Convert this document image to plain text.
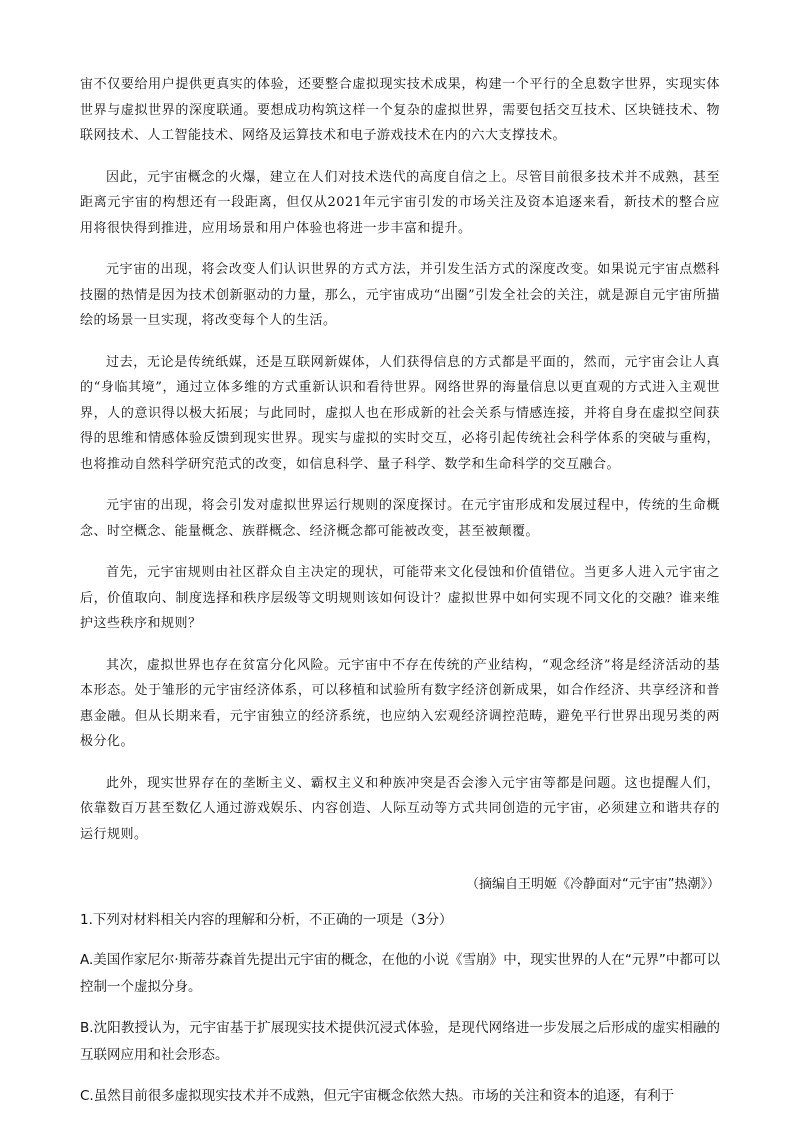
宙不仅要给用户提供更真实的体验，还要整合虚拟现实技术成果，构建一个平行的全息数字世界，实现实体世界与虚拟世界的深度联通。要想成功构筑这样一个复杂的虚拟世界，需要包括交互技术、区块链技术、物联网技术、人工智能技术、网络及运算技术和电子游戏技术在内的六大支撑技术。

因此，元宇宙概念的火爆，建立在人们对技术迭代的高度自信之上。尽管目前很多技术并不成熟，甚至距离元宇宙的构想还有一段距离，但仅从2021年元宇宙引发的市场关注及资本追逐来看，新技术的整合应用将很快得到推进，应用场景和用户体验也将进一步丰富和提升。

元宇宙的出现，将会改变人们认识世界的方式方法，并引发生活方式的深度改变。如果说元宇宙点燃科技圈的热情是因为技术创新驱动的力量，那么，元宇宙成功“出圈”引发全社会的关注，就是源自元宇宙所描绘的场景一旦实现，将改变每个人的生活。

过去，无论是传统纸媒，还是互联网新媒体，人们获得信息的方式都是平面的，然而，元宇宙会让人真的“身临其境”，通过立体多维的方式重新认识和看待世界。网络世界的海量信息以更直观的方式进入主观世界，人的意识得以极大拓展；与此同时，虚拟人也在形成新的社会关系与情感连接，并将自身在虚拟空间获得的思维和情感体验反馈到现实世界。现实与虚拟的实时交互，必将引起传统社会科学体系的突破与重构，也将推动自然科学研究范式的改变，如信息科学、量子科学、数学和生命科学的交互融合。

元宇宙的出现，将会引发对虚拟世界运行规则的深度探讨。在元宇宙形成和发展过程中，传统的生命概念、时空概念、能量概念、族群概念、经济概念都可能被改变，甚至被颠覆。

首先，元宇宙规则由社区群众自主决定的现状，可能带来文化侵蚀和价值错位。当更多人进入元宇宙之后，价值取向、制度选择和秩序层级等文明规则该如何设计？虚拟世界中如何实现不同文化的交融？谁来维护这些秩序和规则？

其次，虚拟世界也存在贫富分化风险。元宇宙中不存在传统的产业结构，“观念经济”将是经济活动的基本形态。处于雏形的元宇宙经济体系，可以移植和试验所有数字经济创新成果，如合作经济、共享经济和普惠金融。但从长期来看，元宇宙独立的经济系统，也应纳入宏观经济调控范畴，避免平行世界出现另类的两极分化。

此外，现实世界存在的垄断主义、霸权主义和种族冲突是否会渗入元宇宙等都是问题。这也提醒人们，依靠数百万甚至数亿人通过游戏娱乐、内容创造、人际互动等方式共同创造的元宇宙，必须建立和谐共存的运行规则。

（摘编自王明姬《冷静面对“元宇宙”热潮》）
1.下列对材料相关内容的理解和分析，不正确的一项是（3分）
A.美国作家尼尔·斯蒂芬森首先提出元宇宙的概念，在他的小说《雪崩》中，现实世界的人在“元界”中都可以控制一个虚拟分身。
B.沈阳教授认为，元宇宙基于扩展现实技术提供沉浸式体验，是现代网络进一步发展之后形成的虚实相融的互联网应用和社会形态。
C.虽然目前很多虚拟现实技术并不成熟，但元宇宙概念依然大热。市场的关注和资本的追逐，有利于
